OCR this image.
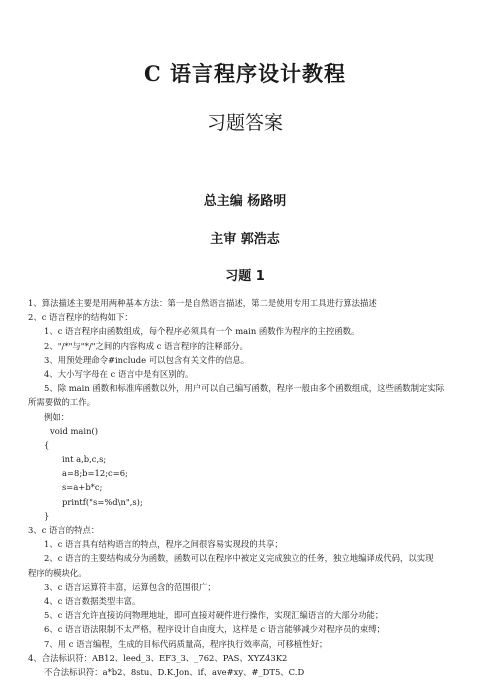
C 语言程序设计教程
习题答案
总主编 杨路明
主审 郭浩志
习题 1
1、算法描述主要是用两种基本方法：第一是自然语言描述，第二是使用专用工具进行算法描述
2、c 语言程序的结构如下：
1、c 语言程序由函数组成，每个程序必须具有一个 main 函数作为程序的主控函数。
2、"/*"与"*/"之间的内容构成 c 语言程序的注释部分。
3、用预处理命令#include 可以包含有关文件的信息。
4、大小写字母在 c 语言中是有区别的。
5、除 main 函数和标准库函数以外，用户可以自己编写函数，程序一般由多个函数组成，这些函数制定实际
所需要做的工作。
例如：
void main()
{
int a,b,c,s;
a=8;b=12;c=6;
s=a+b*c;
printf("s=%d\n",s);
}
3、c 语言的特点：
1、c 语言具有结构语言的特点，程序之间很容易实现段的共享；
2、c 语言的主要结构成分为函数，函数可以在程序中被定义完成独立的任务，独立地编译成代码，以实现
程序的模块化。
3、c 语言运算符丰富，运算包含的范围很广；
4、c 语言数据类型丰富。
5、c 语言允许直接访问物理地址，即可直接对硬件进行操作，实现汇编语言的大部分功能；
6、c 语言语法限制不太严格，程序设计自由度大，这样是 c 语言能够减少对程序员的束缚；
7、用 c 语言编程，生成的目标代码质量高，程序执行效率高，可移植性好；
4、合法标识符：AB12、leed_3、EF3_3、_762、PAS、XYZ43K2
不合法标识符：a*b2、8stu、D.K.Jon、if、ave#xy、#_DT5、C.D
